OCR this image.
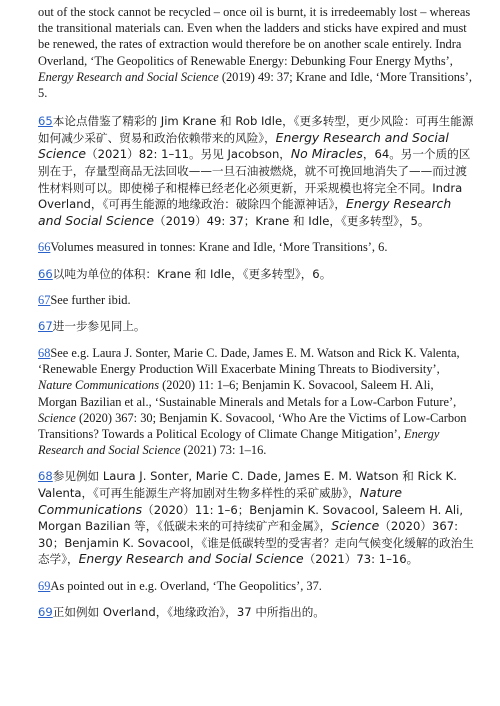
out of the stock cannot be recycled – once oil is burnt, it is irredeemably lost – whereas the transitional materials can. Even when the ladders and sticks have expired and must be renewed, the rates of extraction would therefore be on another scale entirely. Indra Overland, ‘The Geopolitics of Renewable Energy: Debunking Four Energy Myths’, Energy Research and Social Science (2019) 49: 37; Krane and Idle, ‘More Transitions’, 5.

65本论点借鉴了精彩的 Jim Krane 和 Rob Idle，《更多转型，更少风险：可再生能源如何减少采矿、贸易和政治依赖带来的风险》，Energy Research and Social Science（2021）82: 1–11。另见 Jacobson，No Miracles，64。另一个质的区别在于，存量型商品无法回收——一旦石油被燃烧，就不可挽回地消失了——而过渡性材料则可以。即使梯子和棍棒已经老化必须更新，开采规模也将完全不同。Indra Overland，《可再生能源的地缘政治：破除四个能源神话》，Energy Research and Social Science（2019）49: 37；Krane 和 Idle，《更多转型》，5。

66Volumes measured in tonnes: Krane and Idle, ‘More Transitions’, 6.

66以吨为单位的体积：Krane 和 Idle，《更多转型》，6。

67See further ibid.

67进一步参见同上。

68See e.g. Laura J. Sonter, Marie C. Dade, James E. M. Watson and Rick K. Valenta, ‘Renewable Energy Production Will Exacerbate Mining Threats to Biodiversity’, Nature Communications (2020) 11: 1–6; Benjamin K. Sovacool, Saleem H. Ali, Morgan Bazilian et al., ‘Sustainable Minerals and Metals for a Low-Carbon Future’, Science (2020) 367: 30; Benjamin K. Sovacool, ‘Who Are the Victims of Low-Carbon Transitions? Towards a Political Ecology of Climate Change Mitigation’, Energy Research and Social Science (2021) 73: 1–16.

68参见例如 Laura J. Sonter, Marie C. Dade, James E. M. Watson 和 Rick K. Valenta，《可再生能源生产将加剧对生物多样性的采矿威胁》，Nature Communications（2020）11: 1–6；Benjamin K. Sovacool, Saleem H. Ali, Morgan Bazilian 等，《低碳未来的可持续矿产和金属》，Science（2020）367: 30；Benjamin K. Sovacool，《谁是低碳转型的受害者？走向气候变化缓解的政治生态学》，Energy Research and Social Science（2021）73: 1–16。

69As pointed out in e.g. Overland, ‘The Geopolitics’, 37.

69正如例如 Overland，《地缘政治》，37 中所指出的。
